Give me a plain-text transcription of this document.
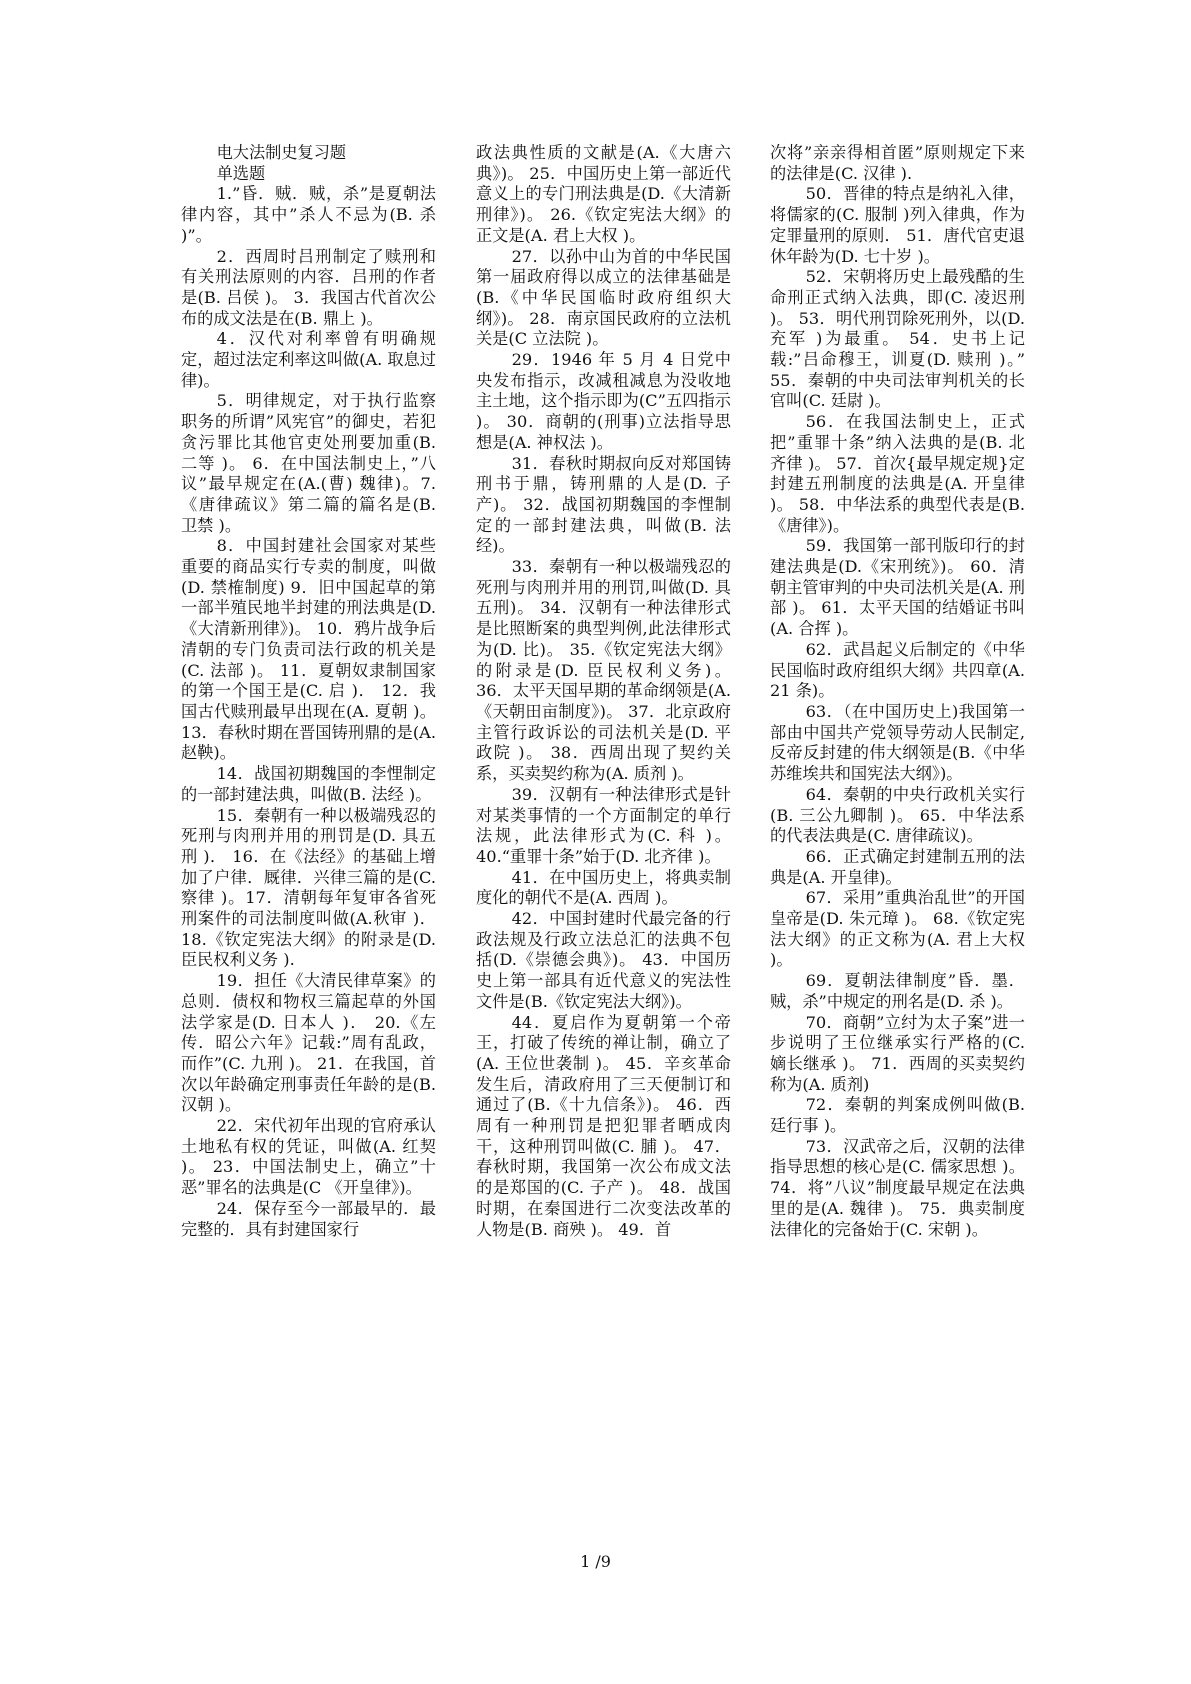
电大法制史复习题

单选题

1.”昏．贼．贼，杀”是夏朝法律内容，其中”杀人不忌为(B. 杀 )”。

2．西周时吕刑制定了赎刑和有关刑法原则的内容．吕刑的作者是(B. 吕侯 )。 3．我国古代首次公布的成文法是在(B. 鼎上 )。

4．汉代对利率曾有明确规定，超过法定利率这叫做(A. 取息过律)。

5．明律规定，对于执行监察职务的所谓”风宪官”的御史，若犯贪污罪比其他官吏处刑要加重(B. 二等 )。 6．在中国法制史上，”八议”最早规定在(A.(曹) 魏律)。7.《唐律疏议》第二篇的篇名是(B. 卫禁 )。

8．中国封建社会国家对某些重要的商品实行专卖的制度，叫做(D. 禁榷制度) 9．旧中国起草的第一部半殖民地半封建的刑法典是(D.《大清新刑律》)。 10．鸦片战争后清朝的专门负责司法行政的机关是(C. 法部 )。 11．夏朝奴隶制国家的第一个国王是(C. 启 )． 12．我国古代赎刑最早出现在(A. 夏朝 )。 13．春秋时期在晋国铸刑鼎的是(A. 赵鞅)。

14．战国初期魏国的李悝制定的一部封建法典，叫做(B. 法经 )。

15．秦朝有一种以极端残忍的死刑与肉刑并用的刑罚是(D. 具五刑 )． 16．在《法经》的基础上增加了户律．厩律．兴律三篇的是(C. 察律 )。17．清朝每年复审各省死刑案件的司法制度叫做(A.秋审 )． 18.《钦定宪法大纲》的附录是(D. 臣民权利义务 ).

19．担任《大清民律草案》的总则．债权和物权三篇起草的外国法学家是(D. 日本人 )． 20.《左传．昭公六年》记载:”周有乱政，而作”(C. 九刑 )。 21．在我国，首次以年龄确定刑事责任年龄的是(B. 汉朝 )。

22．宋代初年出现的官府承认土地私有权的凭证，叫做(A. 红契 )。 23．中国法制史上，确立”十恶”罪名的法典是(C 《开皇律》)。

24．保存至今一部最早的．最完整的．具有封建国家行

政法典性质的文献是(A.《大唐六典》)。 25．中国历史上第一部近代意义上的专门刑法典是(D.《大清新刑律》)。 26.《钦定宪法大纲》的正文是(A. 君上大权 )。

27．以孙中山为首的中华民国第一届政府得以成立的法律基础是(B.《中华民国临时政府组织大纲》)。 28．南京国民政府的立法机关是(C 立法院 )。

29．1946 年 5 月 4 日党中央发布指示，改减租减息为没收地主土地，这个指示即为(C”五四指示 )。 30．商朝的(刑事)立法指导思想是(A. 神权法 )。

31．春秋时期叔向反对郑国铸刑书于鼎，铸刑鼎的人是(D. 子产)。 32．战国初期魏国的李悝制定的一部封建法典，叫做(B. 法经)。

33．秦朝有一种以极端残忍的死刑与肉刑并用的刑罚,叫做(D. 具五刑)。 34．汉朝有一种法律形式是比照断案的典型判例,此法律形式为(D. 比)。 35.《钦定宪法大纲》的附录是(D. 臣民权利义务)。 36．太平天国早期的革命纲领是(A.《天朝田亩制度》)。 37．北京政府主管行政诉讼的司法机关是(D. 平政院 )。 38．西周出现了契约关系，买卖契约称为(A. 质剂 )。

39．汉朝有一种法律形式是针对某类事情的一个方面制定的单行法规，此法律形式为(C. 科 )。 40.“重罪十条”始于(D. 北齐律 )。

41．在中国历史上，将典卖制度化的朝代不是(A. 西周 )。

42．中国封建时代最完备的行政法规及行政立法总汇的法典不包括(D.《崇德会典》)。 43．中国历史上第一部具有近代意义的宪法性文件是(B.《钦定宪法大纲》)。

44．夏启作为夏朝第一个帝王，打破了传统的禅让制，确立了(A. 王位世袭制 )。 45．辛亥革命发生后，清政府用了三天便制订和通过了(B.《十九信条》)。 46．西周有一种刑罚是把犯罪者晒成肉干，这种刑罚叫做(C. 脯 )。 47．春秋时期，我国第一次公布成文法的是郑国的(C. 子产 )。 48．战国时期，在秦国进行二次变法改革的人物是(B. 商殃 )。 49．首

次将”亲亲得相首匿”原则规定下来的法律是(C. 汉律 ).

50．晋律的特点是纳礼入律，将儒家的(C. 服制 )列入律典，作为定罪量刑的原则． 51．唐代官吏退休年龄为(D. 七十岁 )。

52．宋朝将历史上最残酷的生命刑正式纳入法典，即(C. 凌迟刑 )。 53．明代刑罚除死刑外，以(D. 充军 )为最重。 54．史书上记载:”吕命穆王，训夏(D. 赎刑 )。” 55．秦朝的中央司法审判机关的长官叫(C. 廷尉 )。

56．在我国法制史上，正式把”重罪十条”纳入法典的是(B. 北齐律 )。 57．首次{最早规定规}定封建五刑制度的法典是(A. 开皇律 )。 58．中华法系的典型代表是(B.《唐律》)。

59．我国第一部刊版印行的封建法典是(D.《宋刑统》)。 60．清朝主管审判的中央司法机关是(A. 刑部 )。 61．太平天国的结婚证书叫(A. 合挥 )。

62．武昌起义后制定的《中华民国临时政府组织大纲》共四章(A. 21 条)。

63．（在中国历史上)我国第一部由中国共产党领导劳动人民制定,反帝反封建的伟大纲领是(B.《中华苏维埃共和国宪法大纲》)。

64．秦朝的中央行政机关实行(B. 三公九卿制 )。 65．中华法系的代表法典是(C. 唐律疏议)。

66．正式确定封建制五刑的法典是(A. 开皇律)。

67．采用”重典治乱世”的开国皇帝是(D. 朱元璋 )。 68.《钦定宪法大纲》的正文称为(A. 君上大权 )。

69．夏朝法律制度”昏．墨．贼，杀”中规定的刑名是(D. 杀 )。

70．商朝”立纣为太子案”进一步说明了王位继承实行严格的(C. 嫡长继承 )。 71．西周的买卖契约称为(A. 质剂)

72．秦朝的判案成例叫做(B. 廷行事 )。

73．汉武帝之后，汉朝的法律指导思想的核心是(C. 儒家思想 )。 74．将”八议”制度最早规定在法典里的是(A. 魏律 )。 75．典卖制度法律化的完备始于(C. 宋朝 )。

1 /9
